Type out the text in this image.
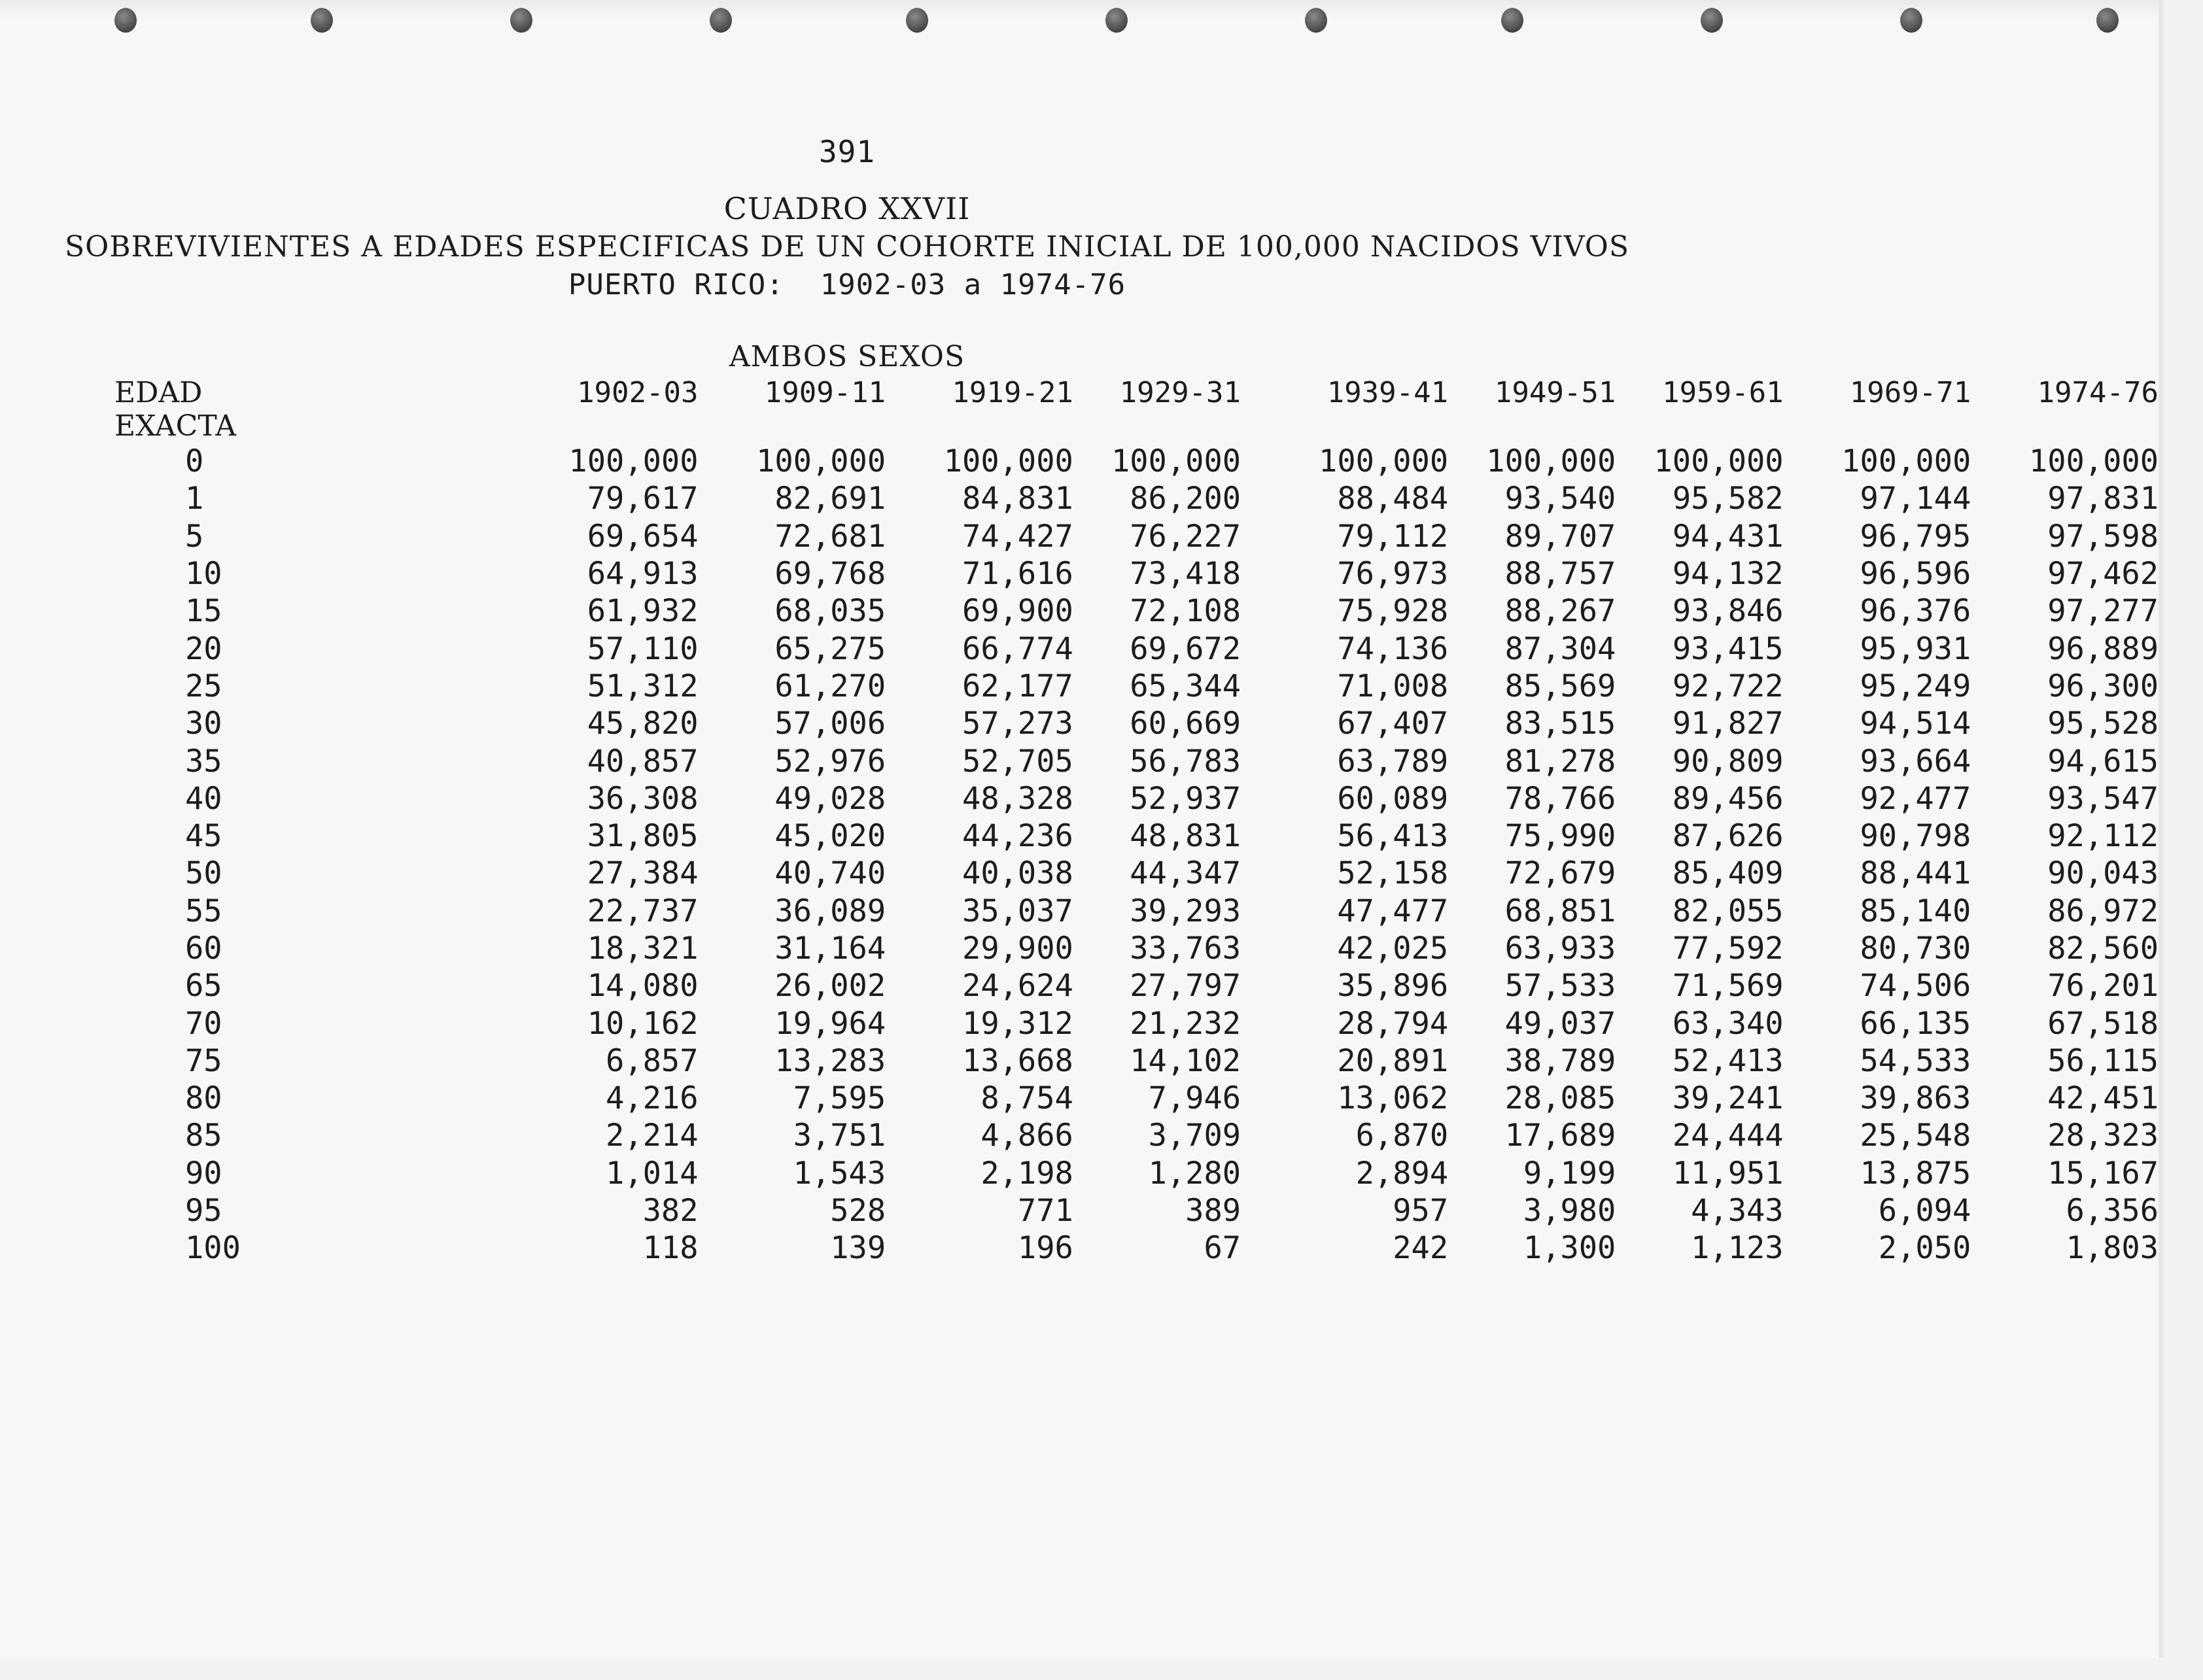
391
CUADRO XXVII
SOBREVIVIENTES A EDADES ESPECIFICAS DE UN COHORTE INICIAL DE 100,000 NACIDOS VIVOS
PUERTO RICO:  1902-03 a 1974-76
AMBOS SEXOS
EDAD EXACTA	1902-03	1909-11	1919-21	1929-31	1939-41	1949-51	1959-61	1969-71	1974-76
0	100,000	100,000	100,000	100,000	100,000	100,000	100,000	100,000	100,000
1	79,617	82,691	84,831	86,200	88,484	93,540	95,582	97,144	97,831
5	69,654	72,681	74,427	76,227	79,112	89,707	94,431	96,795	97,598
10	64,913	69,768	71,616	73,418	76,973	88,757	94,132	96,596	97,462
15	61,932	68,035	69,900	72,108	75,928	88,267	93,846	96,376	97,277
20	57,110	65,275	66,774	69,672	74,136	87,304	93,415	95,931	96,889
25	51,312	61,270	62,177	65,344	71,008	85,569	92,722	95,249	96,300
30	45,820	57,006	57,273	60,669	67,407	83,515	91,827	94,514	95,528
35	40,857	52,976	52,705	56,783	63,789	81,278	90,809	93,664	94,615
40	36,308	49,028	48,328	52,937	60,089	78,766	89,456	92,477	93,547
45	31,805	45,020	44,236	48,831	56,413	75,990	87,626	90,798	92,112
50	27,384	40,740	40,038	44,347	52,158	72,679	85,409	88,441	90,043
55	22,737	36,089	35,037	39,293	47,477	68,851	82,055	85,140	86,972
60	18,321	31,164	29,900	33,763	42,025	63,933	77,592	80,730	82,560
65	14,080	26,002	24,624	27,797	35,896	57,533	71,569	74,506	76,201
70	10,162	19,964	19,312	21,232	28,794	49,037	63,340	66,135	67,518
75	6,857	13,283	13,668	14,102	20,891	38,789	52,413	54,533	56,115
80	4,216	7,595	8,754	7,946	13,062	28,085	39,241	39,863	42,451
85	2,214	3,751	4,866	3,709	6,870	17,689	24,444	25,548	28,323
90	1,014	1,543	2,198	1,280	2,894	9,199	11,951	13,875	15,167
95	382	528	771	389	957	3,980	4,343	6,094	6,356
100	118	139	196	67	242	1,300	1,123	2,050	1,803
